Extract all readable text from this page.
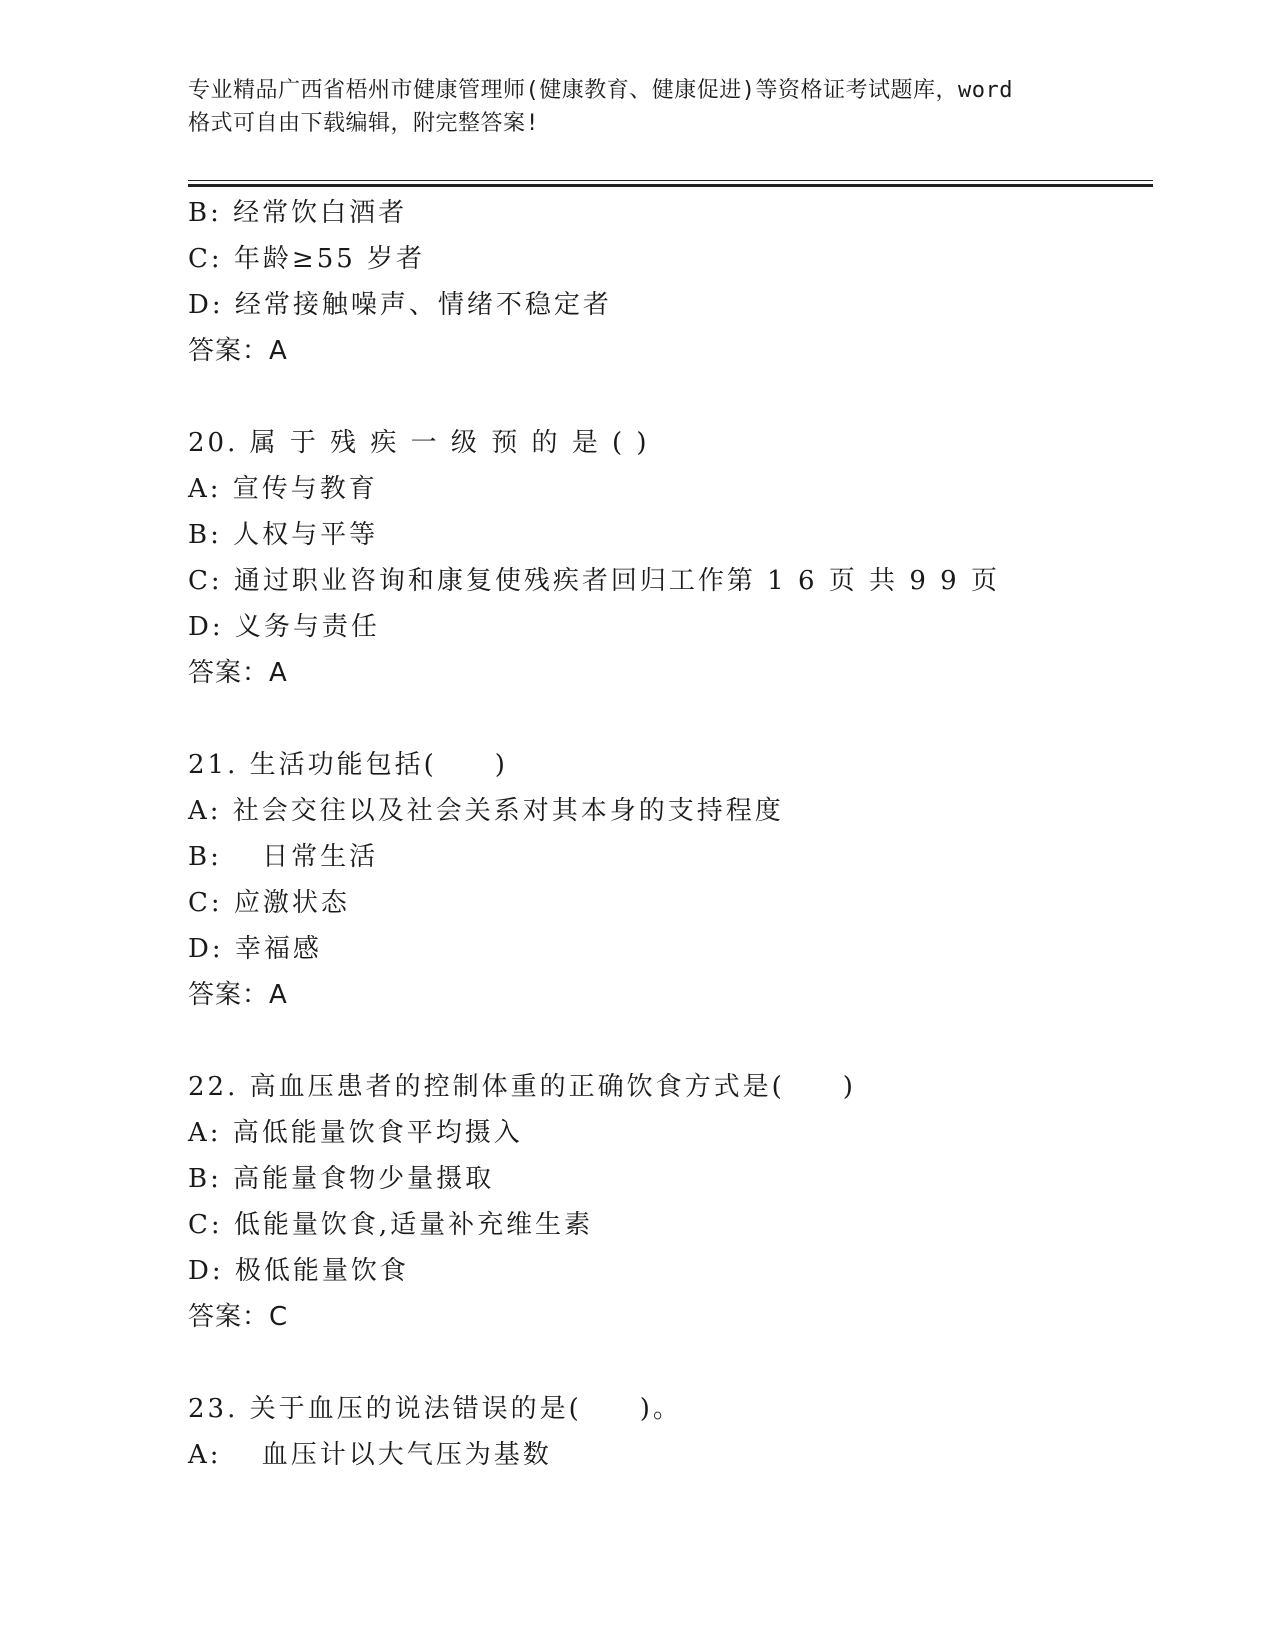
专业精品广西省梧州市健康管理师(健康教育、健康促进)等资格证考试题库，word
格式可自由下载编辑，附完整答案!
B: 经常饮白酒者
C: 年龄≥55 岁者
D: 经常接触噪声、情绪不稳定者
答案：A
20. 属 于 残 疾 一 级 预 的 是 ( )
A: 宣传与教育
B: 人权与平等
C: 通过职业咨询和康复使残疾者回归工作第 1 6 页 共 9 9 页
D: 义务与责任
答案：A
21. 生活功能包括(　　)
A: 社会交往以及社会关系对其本身的支持程度
B: 　日常生活
C: 应激状态
D: 幸福感
答案：A
22. 高血压患者的控制体重的正确饮食方式是(　　)
A: 高低能量饮食平均摄入
B: 高能量食物少量摄取
C: 低能量饮食,适量补充维生素
D: 极低能量饮食
答案：C
23. 关于血压的说法错误的是(　　)。
A: 　血压计以大气压为基数
